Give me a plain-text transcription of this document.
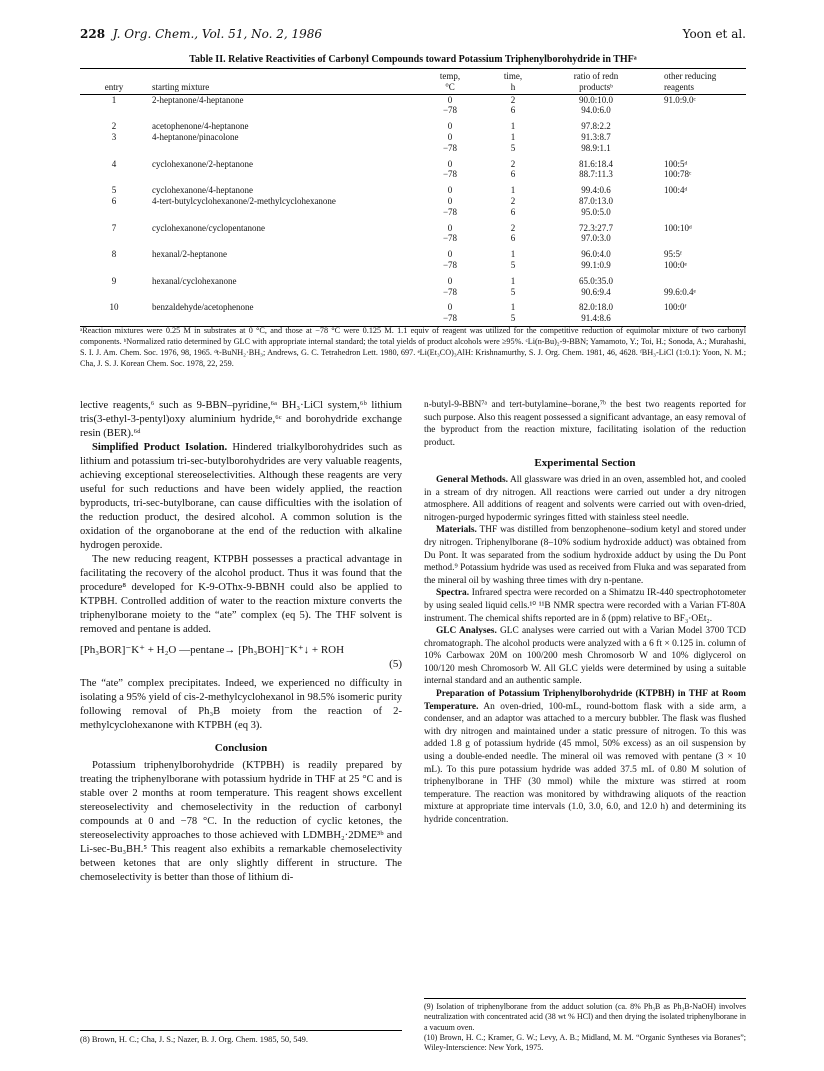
228 J. Org. Chem., Vol. 51, No. 2, 1986	Yoon et al.
Table II. Relative Reactivities of Carbonyl Compounds toward Potassium Triphenylborohydride in THFᵃ
		temp,	time,	ratio of redn	other reducing
entry	starting mixture	°C	h	productsᵇ	reagents
1	2-heptanone/4-heptanone	0	2	90.0:10.0	91.0:9.0ᶜ
		−78	6	94.0:6.0	
2	acetophenone/4-heptanone	0	1	97.8:2.2	
3	4-heptanone/pinacolone	0	1	91.3:8.7	
		−78	5	98.9:1.1	
4	cyclohexanone/2-heptanone	0	2	81.6:18.4	100:5ᵈ
		−78	6	88.7:11.3	100:78ᶜ
5	cyclohexanone/4-heptanone	0	1	99.4:0.6	100:4ᵈ
6	4-tert-butylcyclohexanone/2-methylcyclohexanone	0	2	87.0:13.0	
		−78	6	95.0:5.0	
7	cyclohexanone/cyclopentanone	0	2	72.3:27.7	100:10ᵈ
		−78	6	97.0:3.0	
8	hexanal/2-heptanone	0	1	96.0:4.0	95:5ᶠ
		−78	5	99.1:0.9	100:0ᵉ
9	hexanal/cyclohexanone	0	1	65.0:35.0	
		−78	5	90.6:9.4	99.6:0.4ᵉ
10	benzaldehyde/acetophenone	0	1	82.0:18.0	100:0ᶠ
		−78	5	91.4:8.6	
ᵃReaction mixtures were 0.25 M in substrates at 0 °C, and those at −78 °C were 0.125 M. 1.1 equiv of reagent was utilized for the competitive reduction of equimolar mixture of two carbonyl components. ᵇNormalized ratio determined by GLC with appropriate internal standard; the total yields of product alcohols were ≥95%. ᶜLi(n-Bu)₂-9-BBN; Yamamoto, Y.; Toi, H.; Sonoda, A.; Murahashi, S. I. J. Am. Chem. Soc. 1976, 98, 1965. ᵈt-BuNH₂·BH₃; Andrews, G. C. Tetrahedron Lett. 1980, 697. ᵉLi(Et₃CO)₃AlH: Krishnamurthy, S. J. Org. Chem. 1981, 46, 4628. ᶠBH₃-LiCl (1:0.1): Yoon, N. M.; Cha, J. S. J. Korean Chem. Soc. 1978, 22, 259.

lective reagents,⁶ such as 9-BBN–pyridine,⁶ᵃ BH₃·LiCl system,⁶ᵇ lithium tris(3-ethyl-3-pentyl)oxy aluminium hydride,⁶ᶜ and borohydride exchange resin (BER).⁶ᵈ

Simplified Product Isolation. Hindered trialkylborohydrides such as lithium and potassium tri-sec-butylborohydrides are very valuable reagents, achieving exceptional stereoselectivities. Although these reagents are very useful for such reductions and have been widely applied, the reaction byproducts, tri-sec-butylborane, can cause difficulties with the isolation of the reduction product, the desired alcohol. A common solution is the oxidation of the organoborane at the end of the reduction with alkaline hydrogen peroxide.

The new reducing reagent, KTPBH possesses a practical advantage in facilitating the recovery of the alcohol product. Thus it was found that the procedure⁸ developed for K-9-OThx-9-BBNH could also be applied to KTPBH. Controlled addition of water to the reaction mixture converts the triphenylborane moiety to the “ate” complex (eq 5). The THF solvent is removed and pentane is added.

[Ph₃BOR]⁻K⁺ + H₂O —pentane→ [Ph₃BOH]⁻K⁺↓ + ROH
(5)

The “ate” complex precipitates. Indeed, we experienced no difficulty in isolating a 95% yield of cis-2-methylcyclohexanol in 98.5% isomeric purity following removal of Ph₃B moiety from the reaction of 2-methylcyclohexanone with KTPBH (eq 3).

Conclusion

Potassium triphenylborohydride (KTPBH) is readily prepared by treating the triphenylborane with potassium hydride in THF at 25 °C and is stable over 2 months at room temperature. This reagent shows excellent stereoselectivity and chemoselectivity in the reduction of carbonyl compounds at 0 and −78 °C. In the reduction of cyclic ketones, the stereoselectivity approaches to those achieved with LDMBH₂·2DME³ᵇ and Li-sec-Bu₃BH.⁵ This reagent also exhibits a remarkable chemoselectivity between ketones that are only slightly different in structure. The chemoselectivity is better than those of lithium di-

(8) Brown, H. C.; Cha, J. S.; Nazer, B. J. Org. Chem. 1985, 50, 549.

n-butyl-9-BBN⁷ᵃ and tert-butylamine–borane,⁷ᵇ the best two reagents reported for such purpose. Also this reagent possessed a significant advantage, an easy removal of the byproduct from the reaction mixture, facilitating isolation of the reduction product.

Experimental Section

General Methods. All glassware was dried in an oven, assembled hot, and cooled in a stream of dry nitrogen. All reactions were carried out under a dry nitrogen atmosphere. All additions of reagent and solvents were carried out with oven-dried, nitrogen-purged hypodermic syringes fitted with stainless steel needle.

Materials. THF was distilled from benzophenone–sodium ketyl and stored under dry nitrogen. Triphenylborane (8–10% sodium hydroxide adduct) was obtained from Du Pont. It was separated from the sodium hydroxide adduct by using the Du Pont method.⁹ Potassium hydride was used as received from Fluka and was separated from the mineral oil by washing three times with dry n-pentane.

Spectra. Infrared spectra were recorded on a Shimatzu IR-440 spectrophotometer by using sealed liquid cells.¹⁰ ¹¹B NMR spectra were recorded with a Varian FT-80A instrument. The chemical shifts reported are in δ (ppm) relative to BF₃·OEt₂.

GLC Analyses. GLC analyses were carried out with a Varian Model 3700 TCD chromatograph. The alcohol products were analyzed with a 6 ft × 0.125 in. column of 10% Carbowax 20M on 100/200 mesh Chromosorb W and 10% diglycerol on 100/120 mesh Chromosorb W. All GLC yields were determined by using a suitable internal standard and an authentic sample.

Preparation of Potassium Triphenylborohydride (KTPBH) in THF at Room Temperature. An oven-dried, 100-mL, round-bottom flask with a side arm, a condenser, and an adaptor was attached to a mercury bubbler. The flask was flushed with dry nitrogen and maintained under a static pressure of nitrogen. To this was added 1.8 g of potassium hydride (45 mmol, 50% excess) as an oil suspension by using a double-ended needle. The mineral oil was removed with pentane (3 × 10 mL). To this pure potassium hydride was added 37.5 mL of 0.80 M solution of triphenylborane in THF (30 mmol) while the mixture was stirred at room temperature. The reaction was monitored by withdrawing aliquots of the reaction mixture at appropriate time intervals (1.0, 3.0, 6.0, and 12.0 h) and determining its hydride concentration.

(9) Isolation of triphenylborane from the adduct solution (ca. 8% Ph₃B as Ph₃B-NaOH) involves neutralization with concentrated acid (38 wt % HCl) and then drying the isolated triphenylborane in a vacuum oven.
(10) Brown, H. C.; Kramer, G. W.; Levy, A. B.; Midland, M. M. “Organic Syntheses via Boranes”; Wiley-Interscience: New York, 1975.
